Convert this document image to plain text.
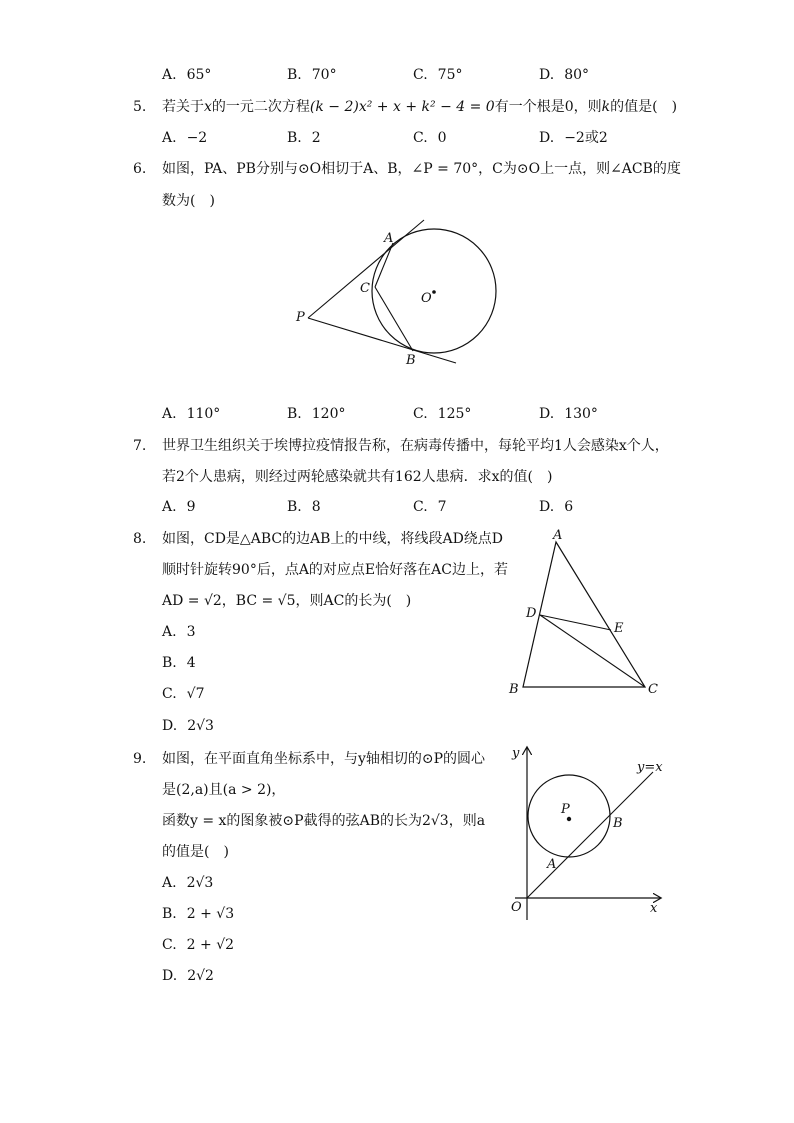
A. 65°	B. 70°	C. 75°	D. 80°
5. 若关于x的一元二次方程(k − 2)x² + x + k² − 4 = 0有一个根是0，则k的值是(　)
A. −2	B. 2	C. 0	D. −2或2
6. 如图，PA、PB分别与⊙O相切于A、B，∠P = 70°，C为⊙O上一点，则∠ACB的度
数为(　)
A
C
O
P
B
A. 110°	B. 120°	C. 125°	D. 130°
7. 世界卫生组织关于埃博拉疫情报告称，在病毒传播中，每轮平均1人会感染x个人，
若2个人患病，则经过两轮感染就共有162人患病．求x的值(　)
A. 9	B. 8	C. 7	D. 6
8. 如图，CD是△ABC的边AB上的中线，将线段AD绕点D
顺时针旋转90°后，点A的对应点E恰好落在AC边上，若
AD = √2，BC = √5，则AC的长为(　)
A. 3
B. 4
C. √7
D. 2√3
A
D
E
B	C
9. 如图，在平面直角坐标系中，与y轴相切的⊙P的圆心
是(2,a)且(a > 2)，
函数y = x的图象被⊙P截得的弦AB的长为2√3，则a
的值是(　)
A. 2√3
B. 2 + √3
C. 2 + √2
D. 2√2
y
y=x
P
B
A
O	x
